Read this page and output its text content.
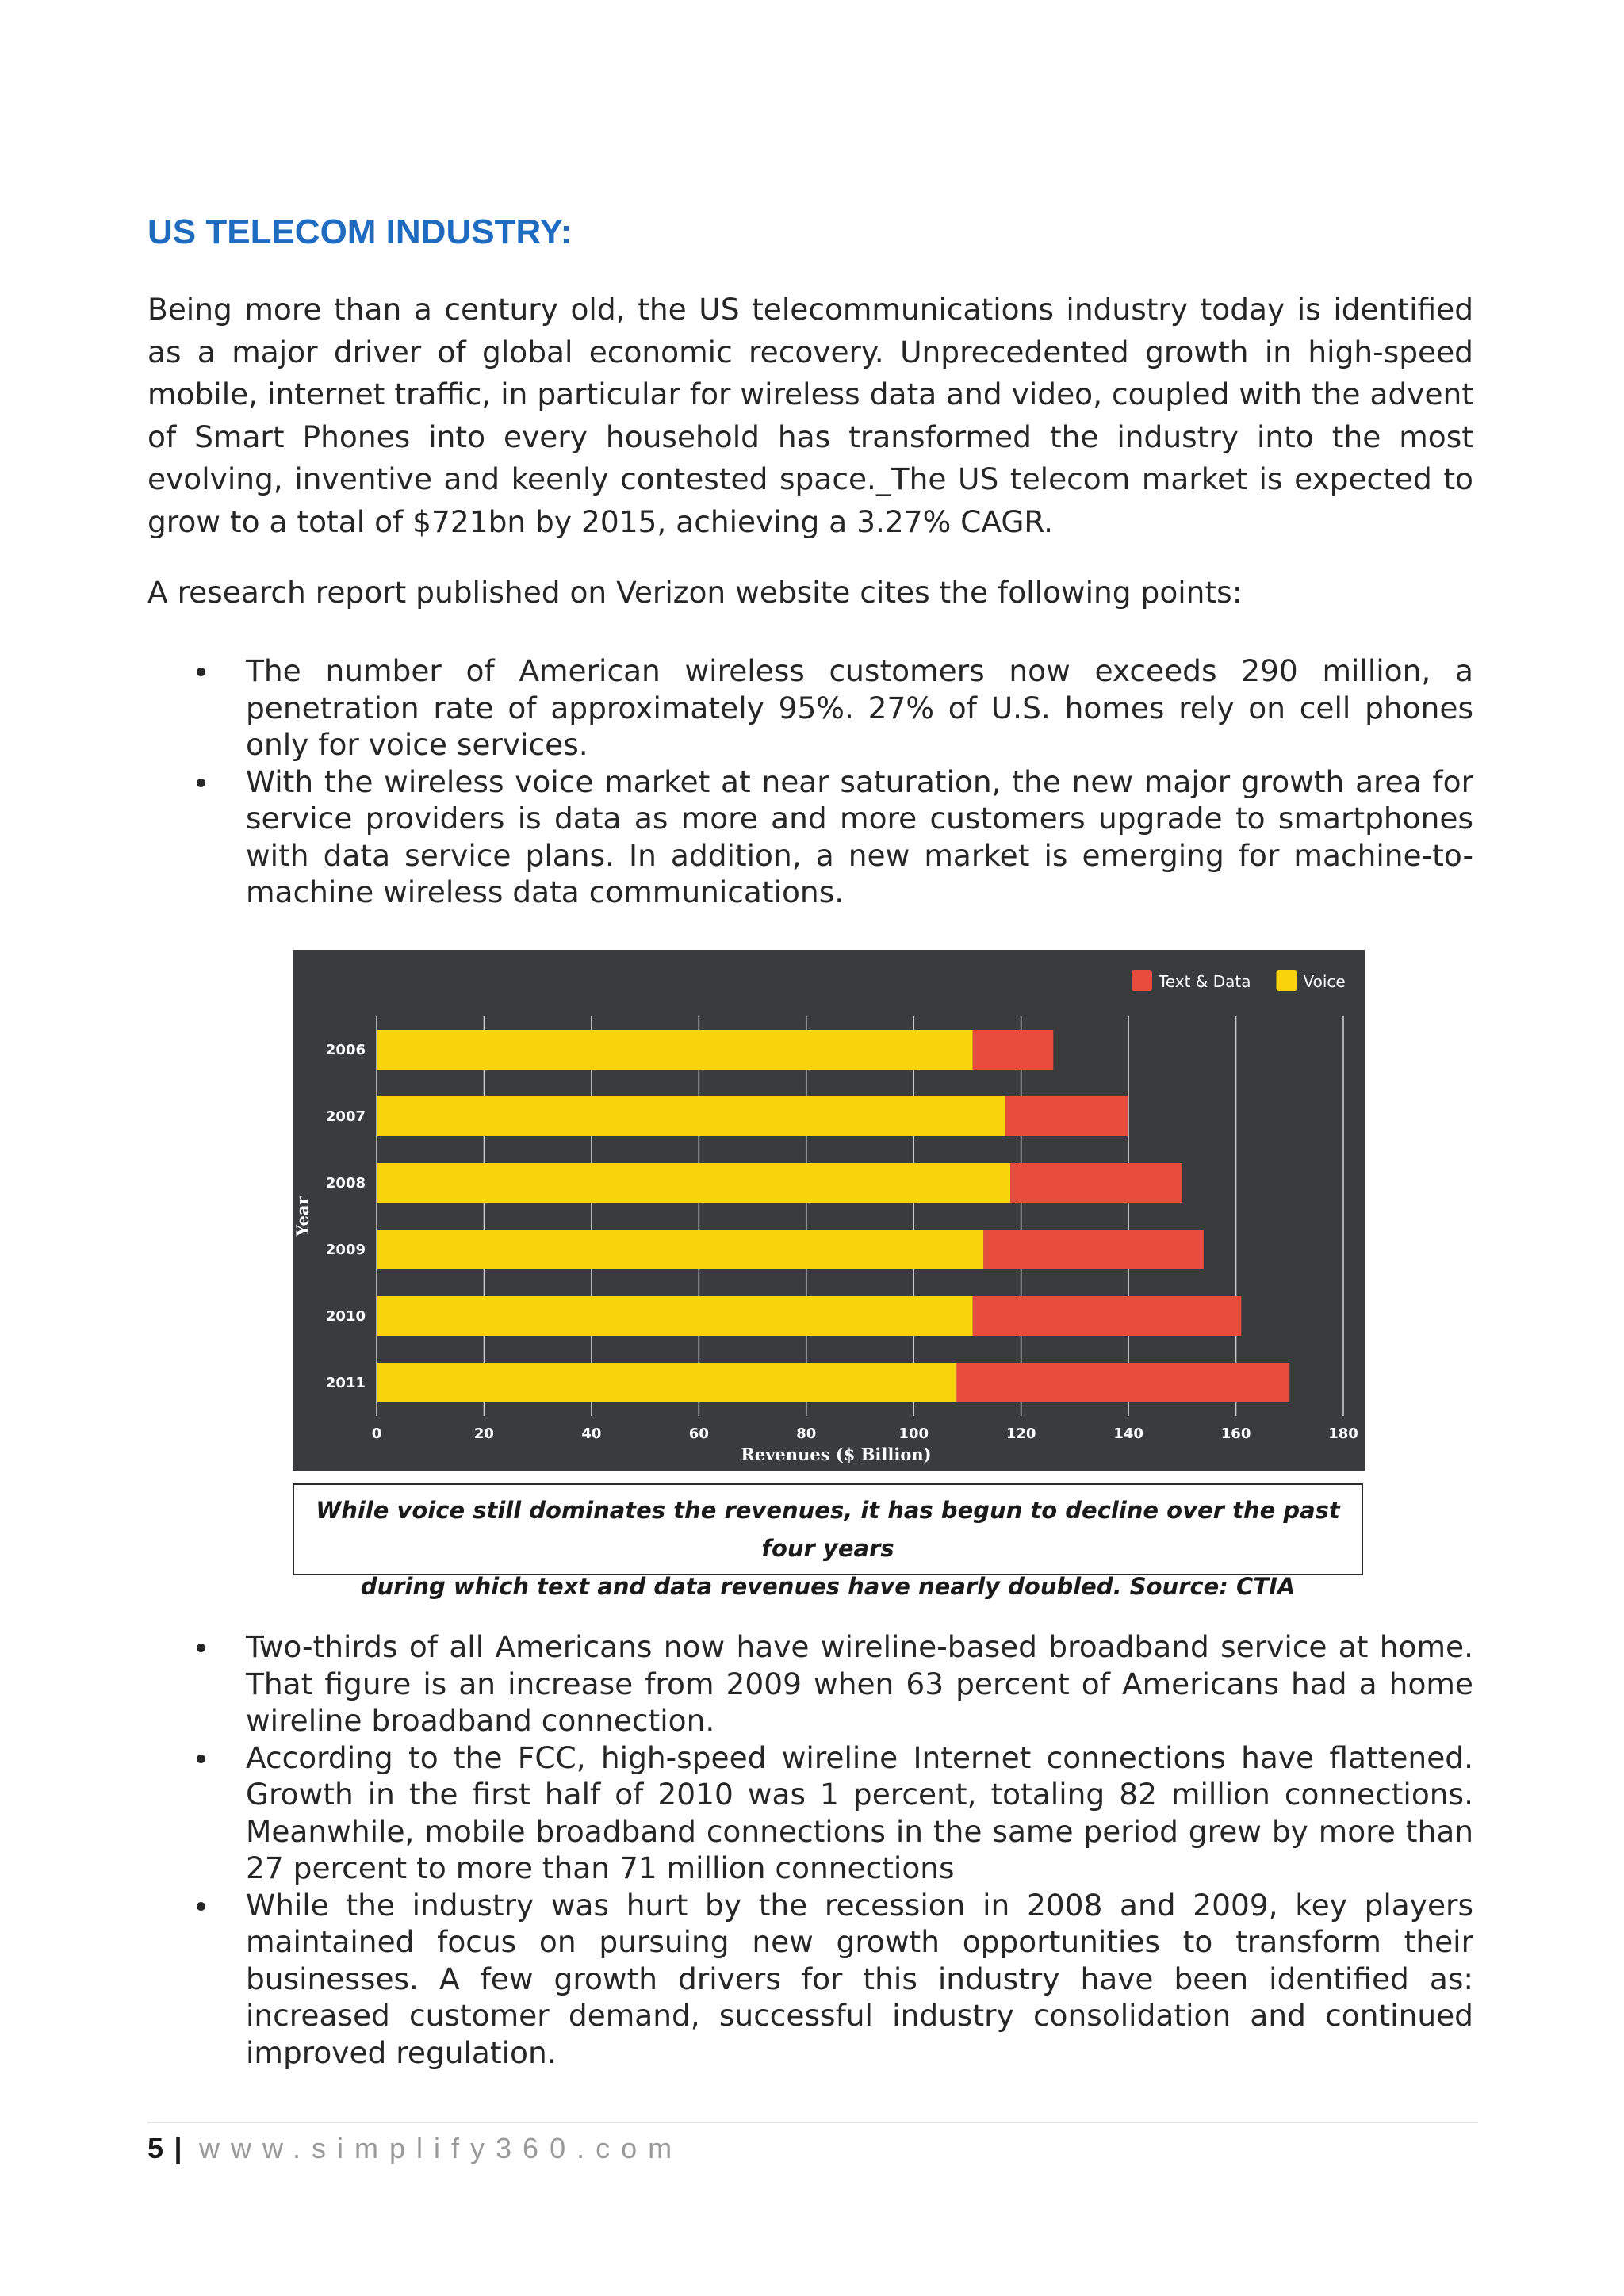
US TELECOM INDUSTRY:

Being more than a century old, the US telecommunications industry today is identified as a major driver of global economic recovery. Unprecedented growth in high-speed mobile, internet traffic, in particular for wireless data and video, coupled with the advent of Smart Phones into every household has transformed the industry into the most evolving, inventive and keenly contested space._The US telecom market is expected to grow to a total of $721bn by 2015, achieving a 3.27% CAGR.

A research report published on Verizon website cites the following points:

The number of American wireless customers now exceeds 290 million, a penetration rate of approximately 95%. 27% of U.S. homes rely on cell phones only for voice services.
With the wireless voice market at near saturation, the new major growth area for service providers is data as more and more customers upgrade to smartphones with data service plans. In addition, a new market is emerging for machine-to-machine wireless data communications.
2006
2007
2008
2009
2010
2011
0	20	40	60	80	100	120	140	160	180
Revenues ($ Billion)
Year
Text & Data	Voice
While voice still dominates the revenues, it has begun to decline over the past four years
during which text and data revenues have nearly doubled. Source: CTIA
Two-thirds of all Americans now have wireline-based broadband service at home. That figure is an increase from 2009 when 63 percent of Americans had a home wireline broadband connection.
According to the FCC, high-speed wireline Internet connections have flattened. Growth in the first half of 2010 was 1 percent, totaling 82 million connections. Meanwhile, mobile broadband connections in the same period grew by more than 27 percent to more than 71 million connections
While the industry was hurt by the recession in 2008 and 2009, key players maintained focus on pursuing new growth opportunities to transform their businesses. A few growth drivers for this industry have been identified as: increased customer demand, successful industry consolidation and continued improved regulation.
5 | www.simplify360.com
